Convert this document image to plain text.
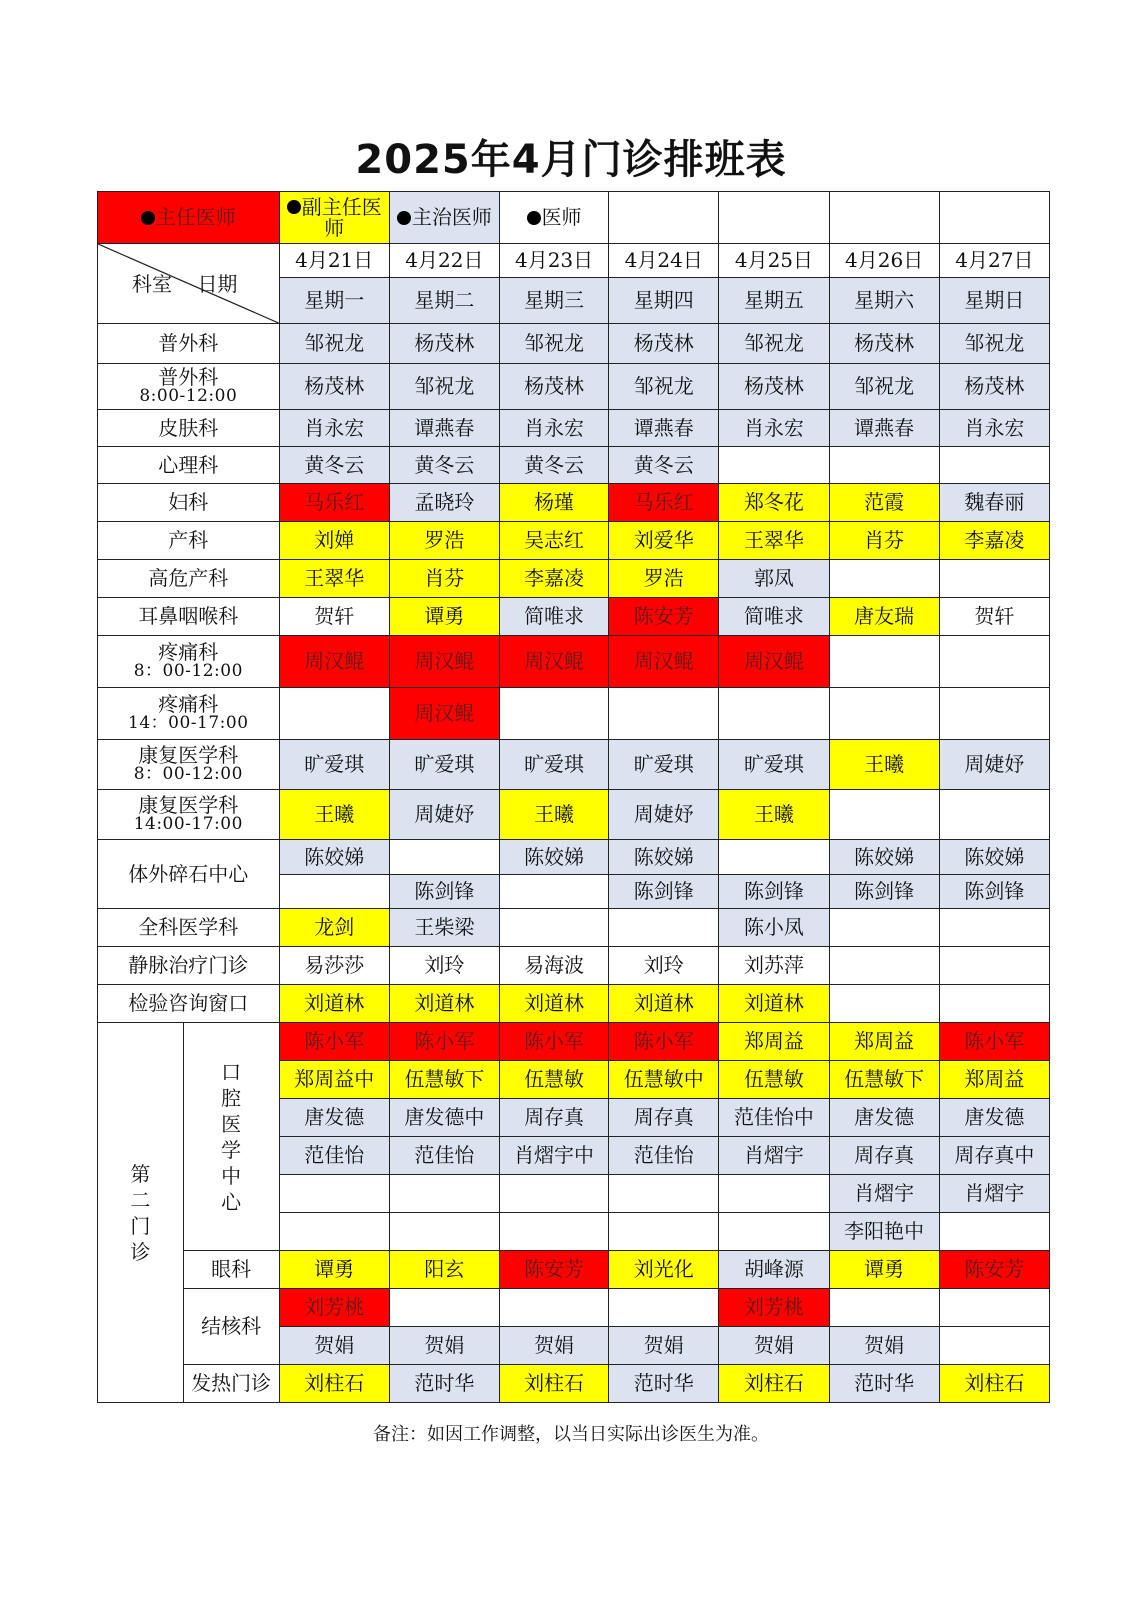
2025年4月门诊排班表
主任医师		副主任医师	主治医师	医师				

科室 日期		4月21日	4月22日	4月23日	4月24日	4月25日	4月26日	4月27日
		星期一	星期二	星期三	星期四	星期五	星期六	星期日
普外科		邹祝龙	杨茂林	邹祝龙	杨茂林	邹祝龙	杨茂林	邹祝龙
普外科
8:00-12:00		杨茂林	邹祝龙	杨茂林	邹祝龙	杨茂林	邹祝龙	杨茂林
皮肤科		肖永宏	谭燕春	肖永宏	谭燕春	肖永宏	谭燕春	肖永宏
心理科		黄冬云	黄冬云	黄冬云	黄冬云			
妇科		马乐红	孟晓玲	杨瑾	马乐红	郑冬花	范霞	魏春丽
产科		刘婵	罗浩	吴志红	刘爱华	王翠华	肖芬	李嘉凌
高危产科		王翠华	肖芬	李嘉凌	罗浩	郭凤		
耳鼻咽喉科		贺轩	谭勇	简唯求	陈安芳	简唯求	唐友瑞	贺轩
疼痛科
8：00-12:00		周汉鲲	周汉鲲	周汉鲲	周汉鲲	周汉鲲		
疼痛科
14：00-17:00			周汉鲲					
康复医学科
8：00-12:00		旷爱琪	旷爱琪	旷爱琪	旷爱琪	旷爱琪	王曦	周婕妤
康复医学科
14:00-17:00		王曦	周婕妤	王曦	周婕妤	王曦		
体外碎石中心		陈姣娣		陈姣娣	陈姣娣		陈姣娣	陈姣娣
			陈剑锋		陈剑锋	陈剑锋	陈剑锋	陈剑锋
全科医学科		龙剑	王柴梁			陈小凤		
静脉治疗门诊		易莎莎	刘玲	易海波	刘玲	刘苏萍		
检验咨询窗口		刘道林	刘道林	刘道林	刘道林	刘道林		
第二门诊	口腔医学中心	陈小军	陈小军	陈小军	陈小军	郑周益	郑周益	陈小军
		郑周益中	伍慧敏下	伍慧敏	伍慧敏中	伍慧敏	伍慧敏下	郑周益
		唐发德	唐发德中	周存真	周存真	范佳怡中	唐发德	唐发德
		范佳怡	范佳怡	肖熠宇中	范佳怡	肖熠宇	周存真	周存真中
							肖熠宇	肖熠宇
							李阳艳中	
	眼科	谭勇	阳玄	陈安芳	刘光化	胡峰源	谭勇	陈安芳
	结核科	刘芳桃				刘芳桃		
		贺娟	贺娟	贺娟	贺娟	贺娟	贺娟	
	发热门诊	刘柱石	范时华	刘柱石	范时华	刘柱石	范时华	刘柱石
备注：如因工作调整，以当日实际出诊医生为准。
